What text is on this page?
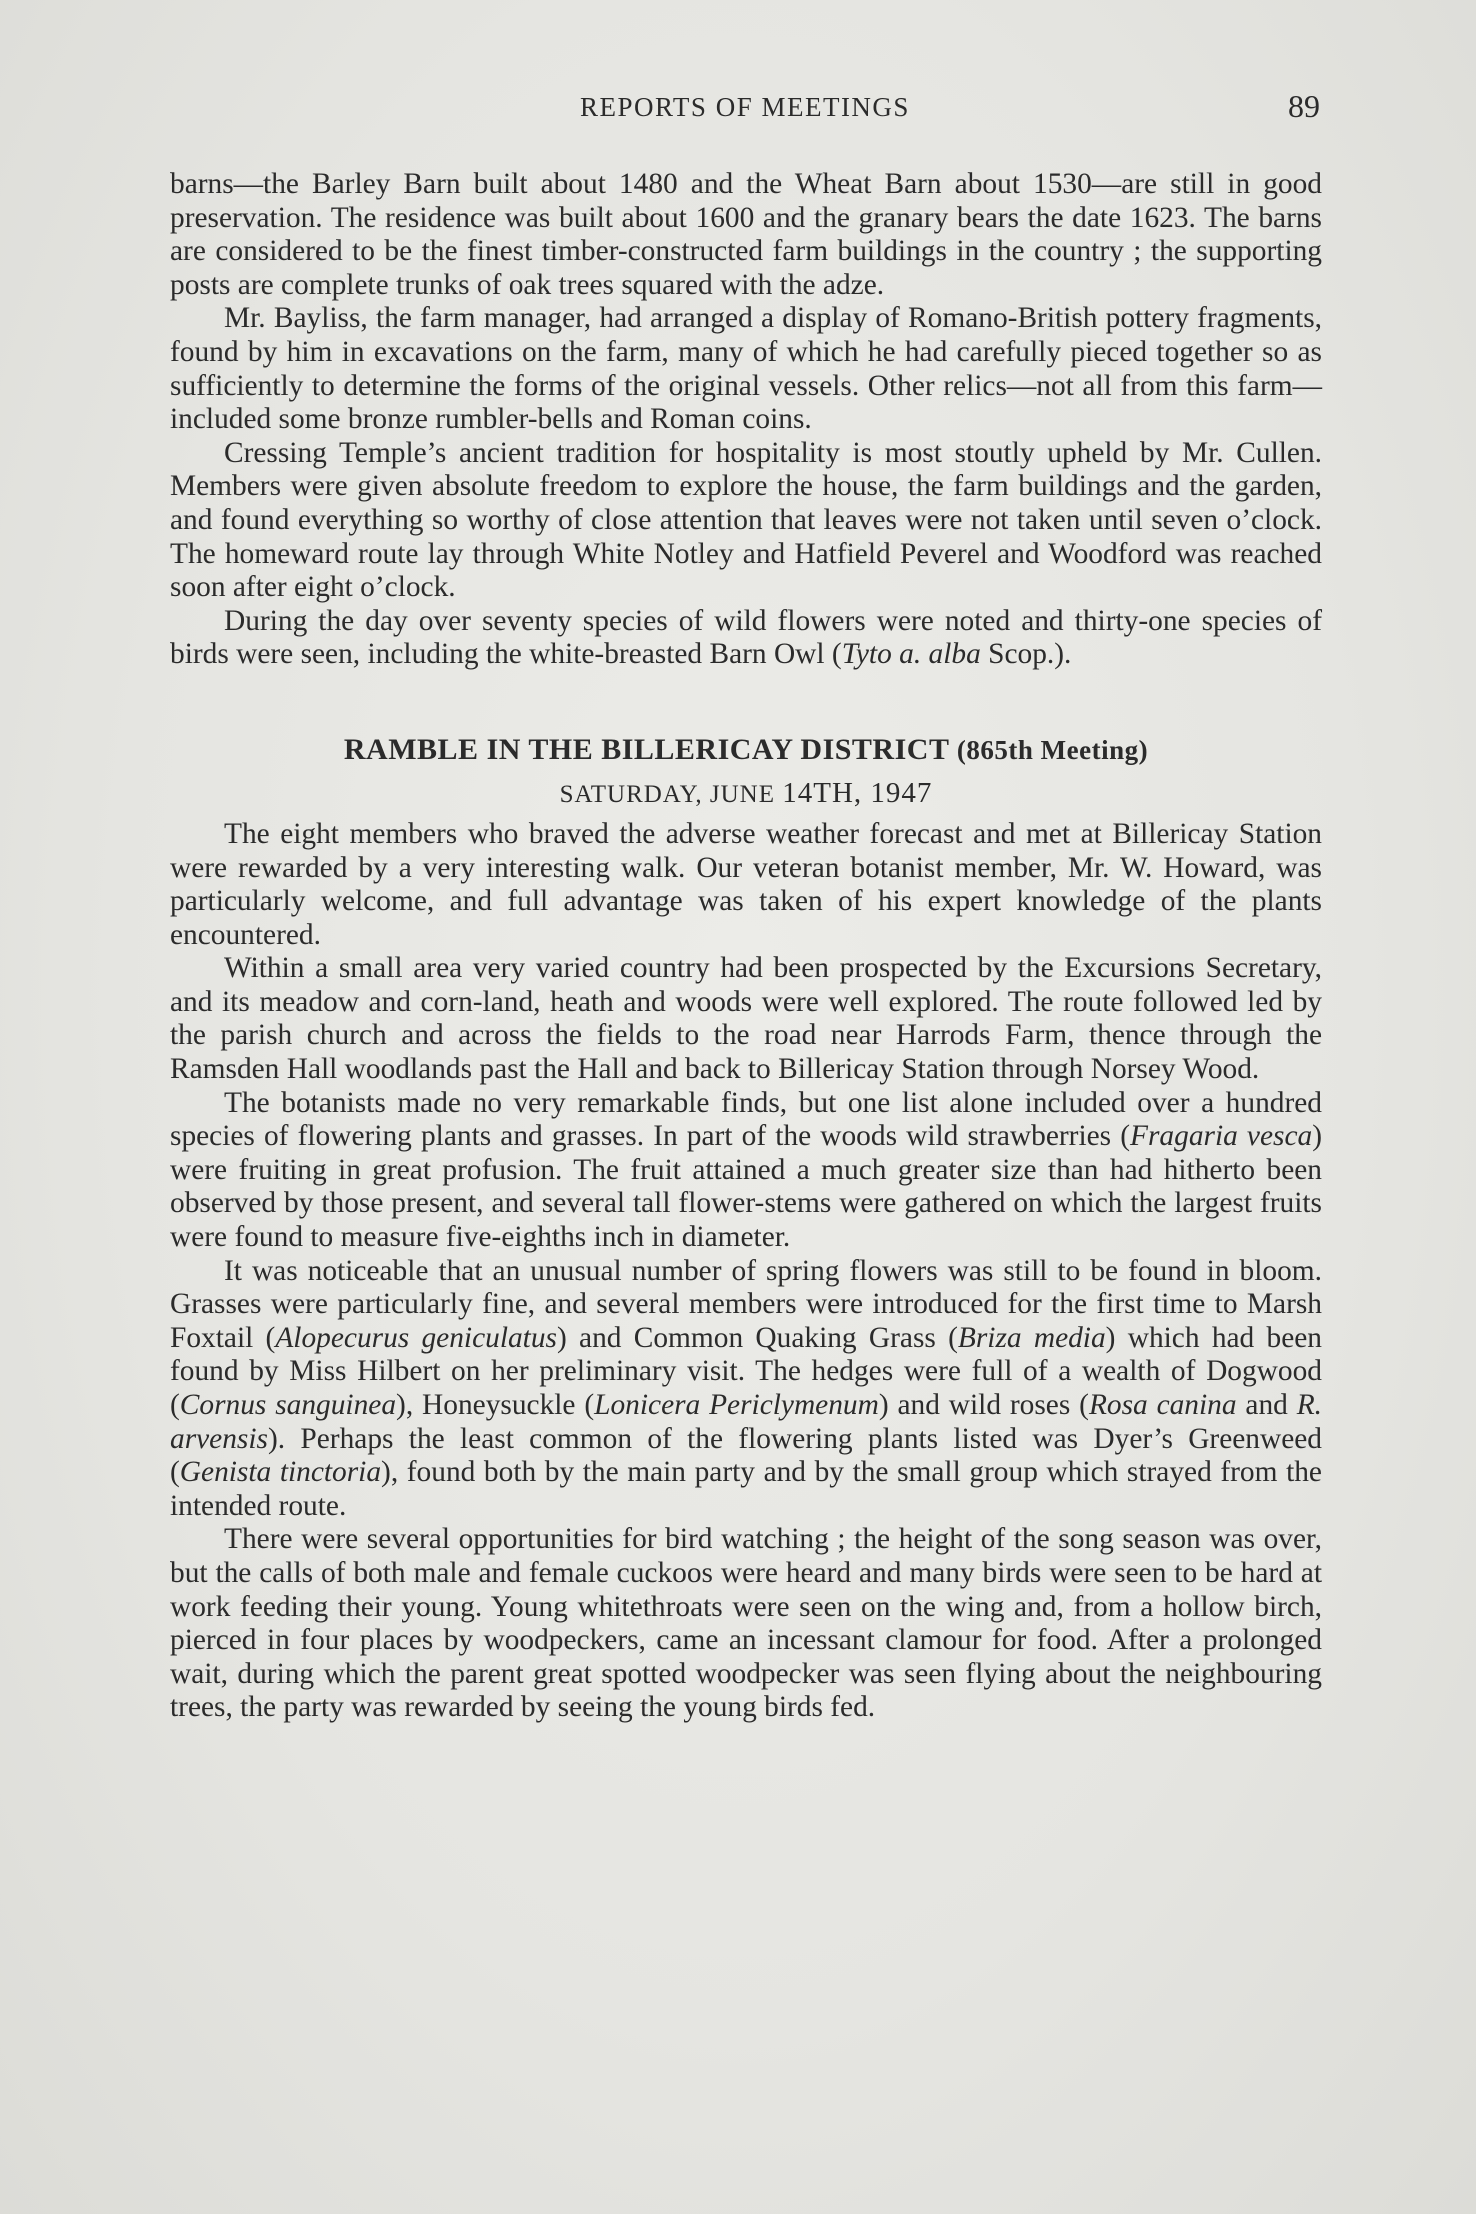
REPORTS OF MEETINGS	89

barns—the Barley Barn built about 1480 and the Wheat Barn about 1530—are still in good preservation. The residence was built about 1600 and the granary bears the date 1623. The barns are considered to be the finest timber-constructed farm buildings in the country ; the supporting posts are complete trunks of oak trees squared with the adze.

Mr. Bayliss, the farm manager, had arranged a display of Romano-British pottery fragments, found by him in excavations on the farm, many of which he had carefully pieced together so as sufficiently to determine the forms of the original vessels. Other relics—not all from this farm—included some bronze rumbler-bells and Roman coins.

Cressing Temple’s ancient tradition for hospitality is most stoutly upheld by Mr. Cullen. Members were given absolute freedom to explore the house, the farm buildings and the garden, and found everything so worthy of close attention that leaves were not taken until seven o’clock. The homeward route lay through White Notley and Hatfield Peverel and Woodford was reached soon after eight o’clock.

During the day over seventy species of wild flowers were noted and thirty-one species of birds were seen, including the white-breasted Barn Owl (Tyto a. alba Scop.).

RAMBLE IN THE BILLERICAY DISTRICT (865th Meeting)
SATURDAY, JUNE 14TH, 1947

The eight members who braved the adverse weather forecast and met at Billericay Station were rewarded by a very interesting walk. Our veteran botanist member, Mr. W. Howard, was particularly welcome, and full advantage was taken of his expert knowledge of the plants encountered.

Within a small area very varied country had been prospected by the Excursions Secretary, and its meadow and corn-land, heath and woods were well explored. The route followed led by the parish church and across the fields to the road near Harrods Farm, thence through the Ramsden Hall woodlands past the Hall and back to Billericay Station through Norsey Wood.

The botanists made no very remarkable finds, but one list alone included over a hundred species of flowering plants and grasses. In part of the woods wild strawberries (Fragaria vesca) were fruiting in great profusion. The fruit attained a much greater size than had hitherto been observed by those present, and several tall flower-stems were gathered on which the largest fruits were found to measure five-eighths inch in diameter.

It was noticeable that an unusual number of spring flowers was still to be found in bloom. Grasses were particularly fine, and several members were introduced for the first time to Marsh Foxtail (Alopecurus geniculatus) and Common Quaking Grass (Briza media) which had been found by Miss Hilbert on her preliminary visit. The hedges were full of a wealth of Dogwood (Cornus sanguinea), Honeysuckle (Lonicera Periclymenum) and wild roses (Rosa canina and R. arvensis). Perhaps the least common of the flowering plants listed was Dyer’s Greenweed (Genista tinctoria), found both by the main party and by the small group which strayed from the intended route.

There were several opportunities for bird watching ; the height of the song season was over, but the calls of both male and female cuckoos were heard and many birds were seen to be hard at work feeding their young. Young whitethroats were seen on the wing and, from a hollow birch, pierced in four places by woodpeckers, came an incessant clamour for food. After a prolonged wait, during which the parent great spotted woodpecker was seen flying about the neighbouring trees, the party was rewarded by seeing the young birds fed.
